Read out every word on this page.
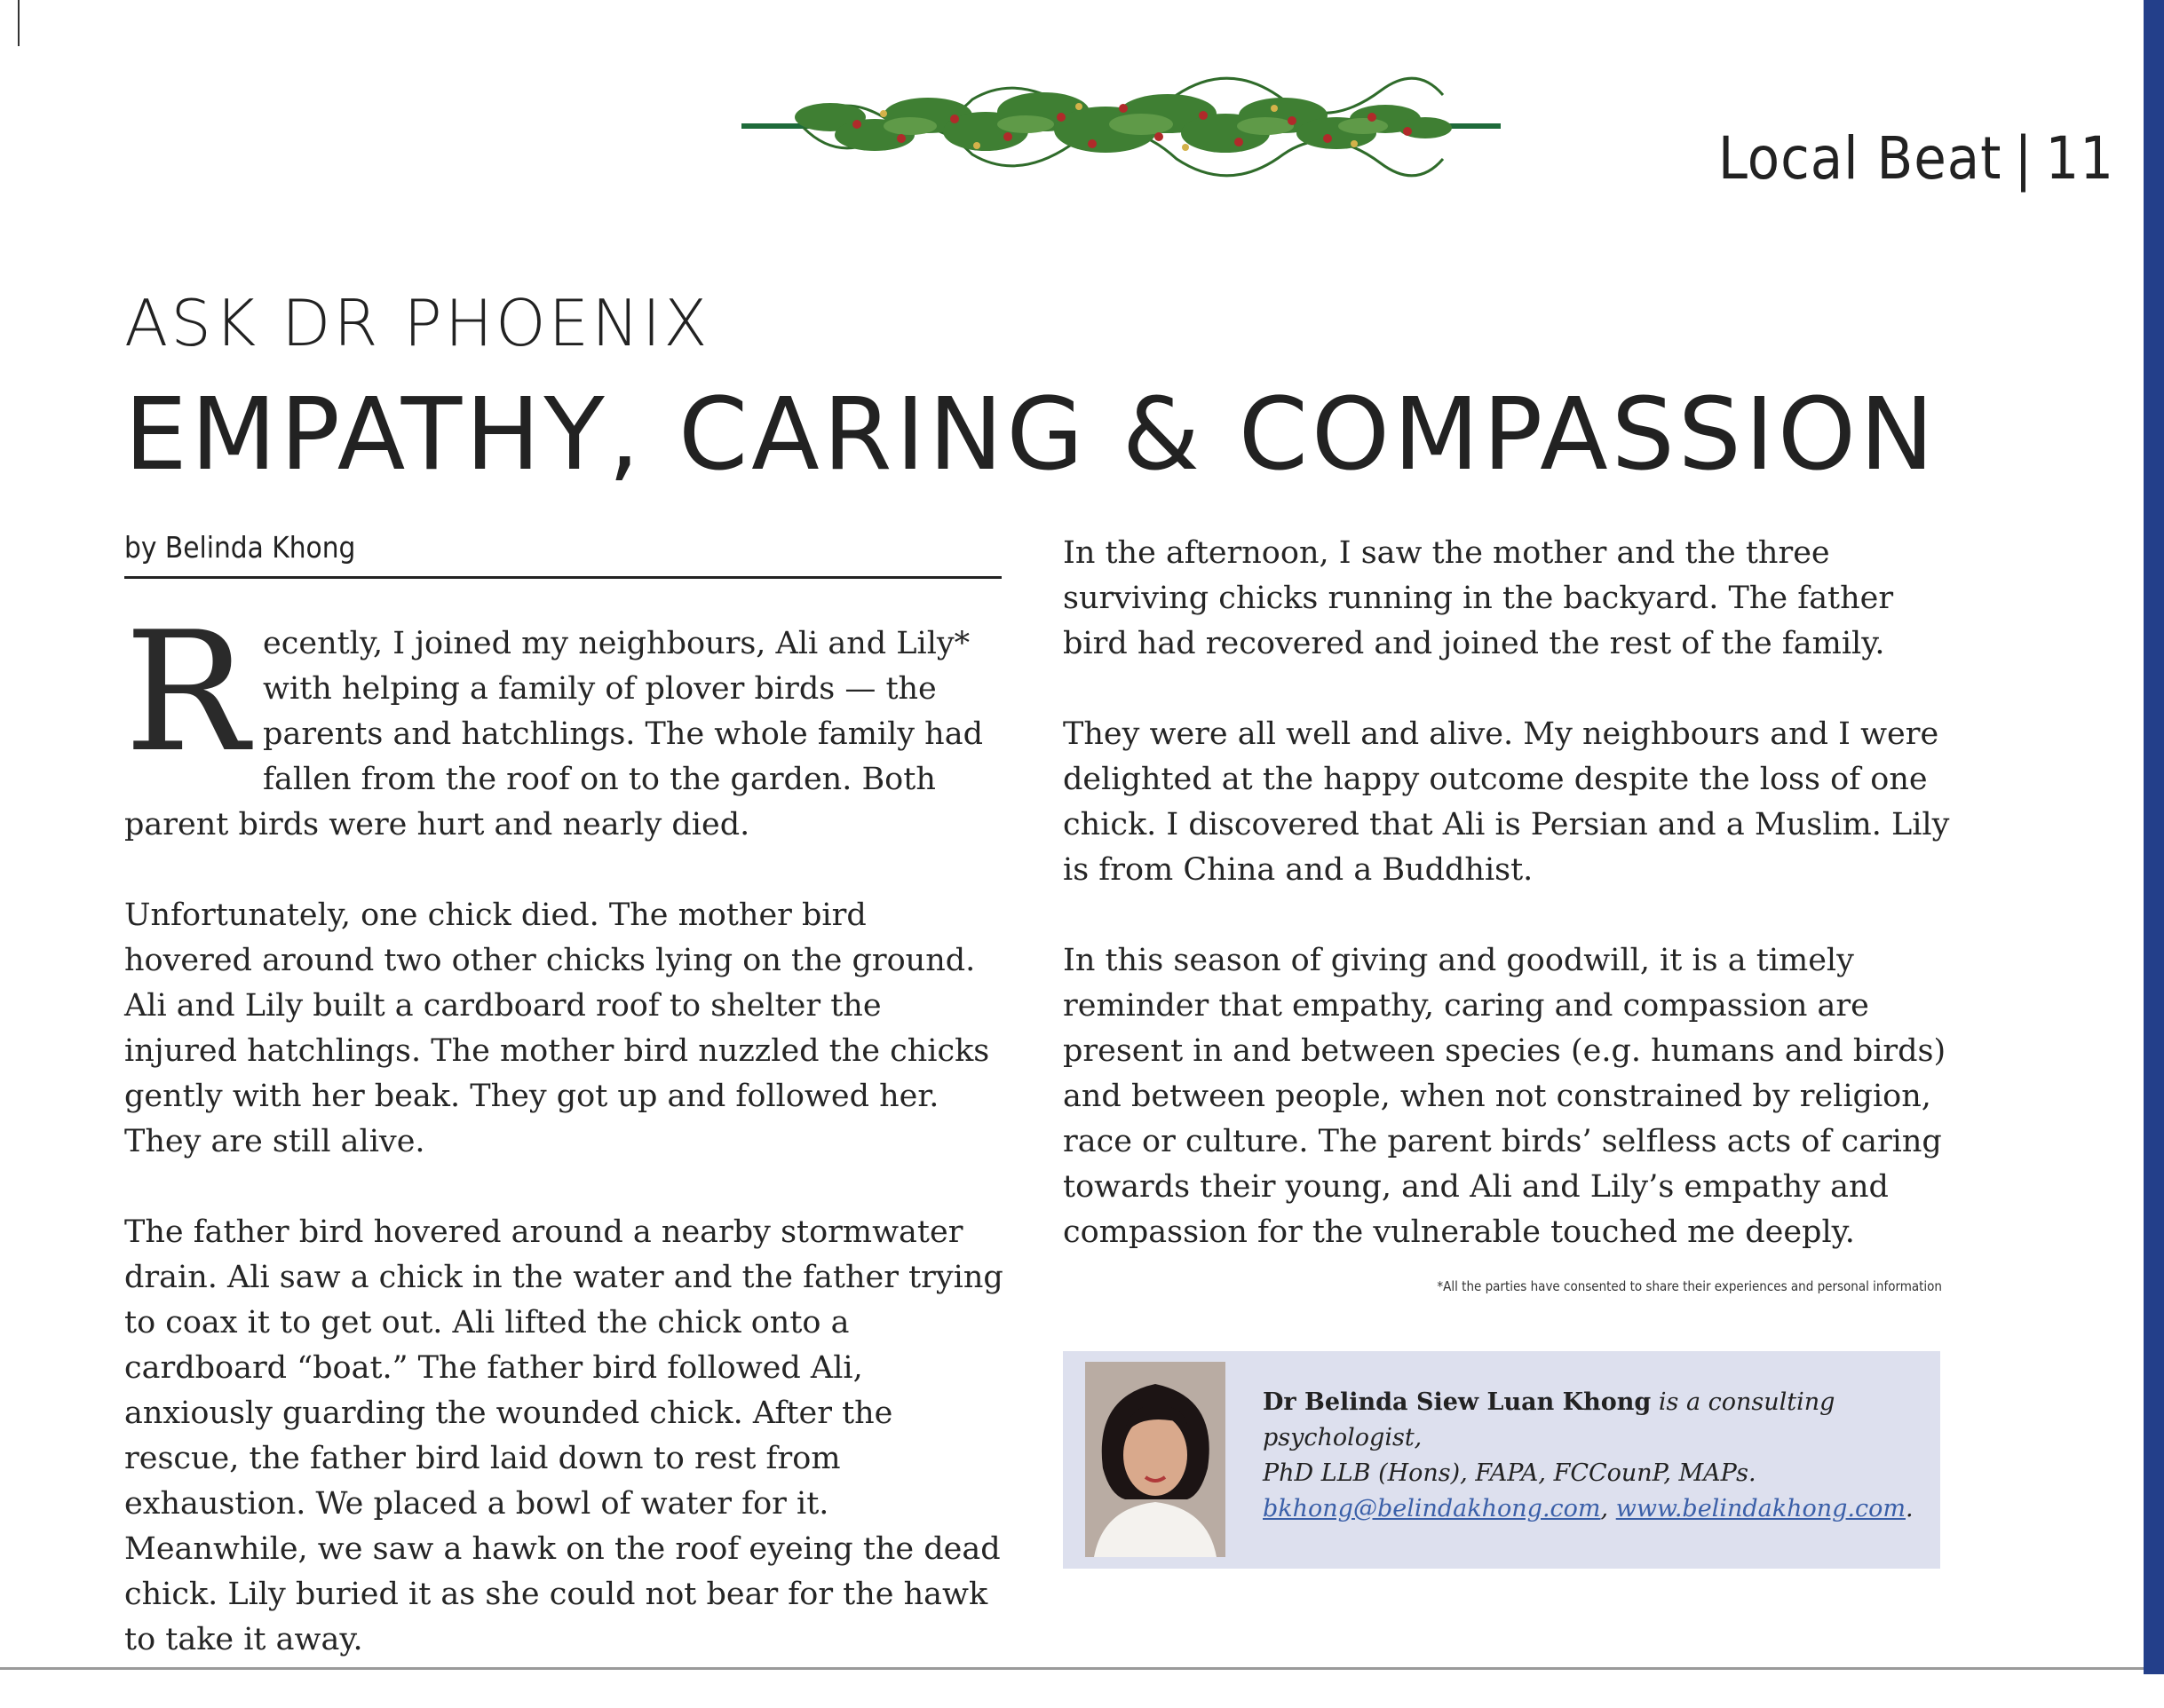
Local Beat | 11
ASK DR PHOENIX
EMPATHY, CARING & COMPASSION
by Belinda Khong

Recently, I joined my neighbours, Ali and Lily* with helping a family of plover birds — the parents and hatchlings. The whole family had fallen from the roof on to the garden. Both parent birds were hurt and nearly died.

Unfortunately, one chick died. The mother bird hovered around two other chicks lying on the ground. Ali and Lily built a cardboard roof to shelter the injured hatchlings. The mother bird nuzzled the chicks gently with her beak. They got up and followed her. They are still alive.

The father bird hovered around a nearby stormwater drain. Ali saw a chick in the water and the father trying to coax it to get out. Ali lifted the chick onto a cardboard “boat.” The father bird followed Ali, anxiously guarding the wounded chick. After the rescue, the father bird laid down to rest from exhaustion. We placed a bowl of water for it. Meanwhile, we saw a hawk on the roof eyeing the dead chick. Lily buried it as she could not bear for the hawk to take it away.

In the afternoon, I saw the mother and the three surviving chicks running in the backyard. The father bird had recovered and joined the rest of the family.

They were all well and alive. My neighbours and I were delighted at the happy outcome despite the loss of one chick. I discovered that Ali is Persian and a Muslim. Lily is from China and a Buddhist.

In this season of giving and goodwill, it is a timely reminder that empathy, caring and compassion are present in and between species (e.g. humans and birds) and between people, when not constrained by religion, race or culture. The parent birds’ selfless acts of caring towards their young, and Ali and Lily’s empathy and compassion for the vulnerable touched me deeply.

*All the parties have consented to share their experiences and personal information
Dr Belinda Siew Luan Khong is a consulting psychologist,
PhD LLB (Hons), FAPA, FCCounP, MAPs.
bkhong@belindakhong.com, www.belindakhong.com.
